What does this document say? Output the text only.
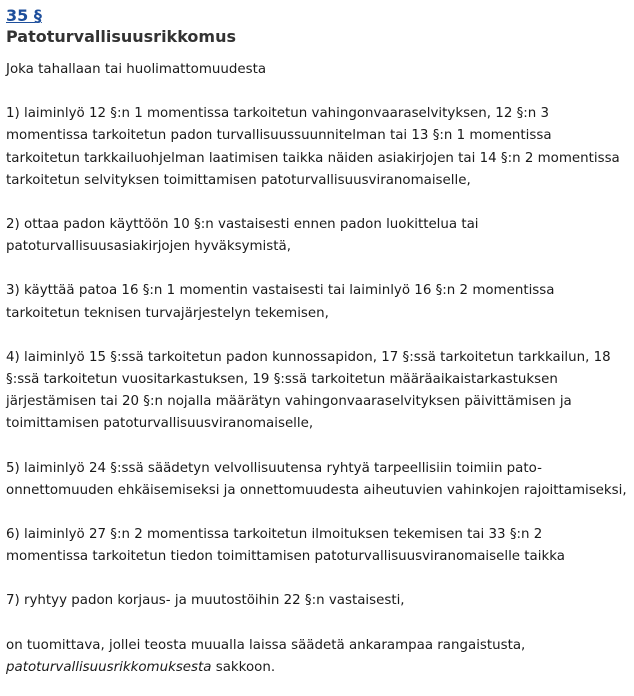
35 §
Patoturvallisuusrikkomus

Joka tahallaan tai huolimattomuudesta

1) laiminlyö 12 §:n 1 momentissa tarkoitetun vahingonvaaraselvityksen, 12 §:n 3 momentissa tarkoitetun padon turvallisuussuunnitelman tai 13 §:n 1 momentissa tarkoitetun tarkkailuohjelman laatimisen taikka näiden asiakirjojen tai 14 §:n 2 momentissa tarkoitetun selvityksen toimittamisen patoturvallisuusviranomaiselle,

2) ottaa padon käyttöön 10 §:n vastaisesti ennen padon luokittelua tai patoturvallisuusasiakirjojen hyväksymistä,

3) käyttää patoa 16 §:n 1 momentin vastaisesti tai laiminlyö 16 §:n 2 momentissa tarkoitetun teknisen turvajärjestelyn tekemisen,

4) laiminlyö 15 §:ssä tarkoitetun padon kunnossapidon, 17 §:ssä tarkoitetun tarkkailun, 18 §:ssä tarkoitetun vuositarkastuksen, 19 §:ssä tarkoitetun määräaikaistarkastuksen järjestämisen tai 20 §:n nojalla määrätyn vahingonvaaraselvityksen päivittämisen ja toimittamisen patoturvallisuusviranomaiselle,

5) laiminlyö 24 §:ssä säädetyn velvollisuutensa ryhtyä tarpeellisiin toimiin pato-onnettomuuden ehkäisemiseksi ja onnettomuudesta aiheutuvien vahinkojen rajoittamiseksi,

6) laiminlyö 27 §:n 2 momentissa tarkoitetun ilmoituksen tekemisen tai 33 §:n 2 momentissa tarkoitetun tiedon toimittamisen patoturvallisuusviranomaiselle taikka

7) ryhtyy padon korjaus- ja muutostöihin 22 §:n vastaisesti,

on tuomittava, jollei teosta muualla laissa säädetä ankarampaa rangaistusta,
patoturvallisuusrikkomuksesta sakkoon.
